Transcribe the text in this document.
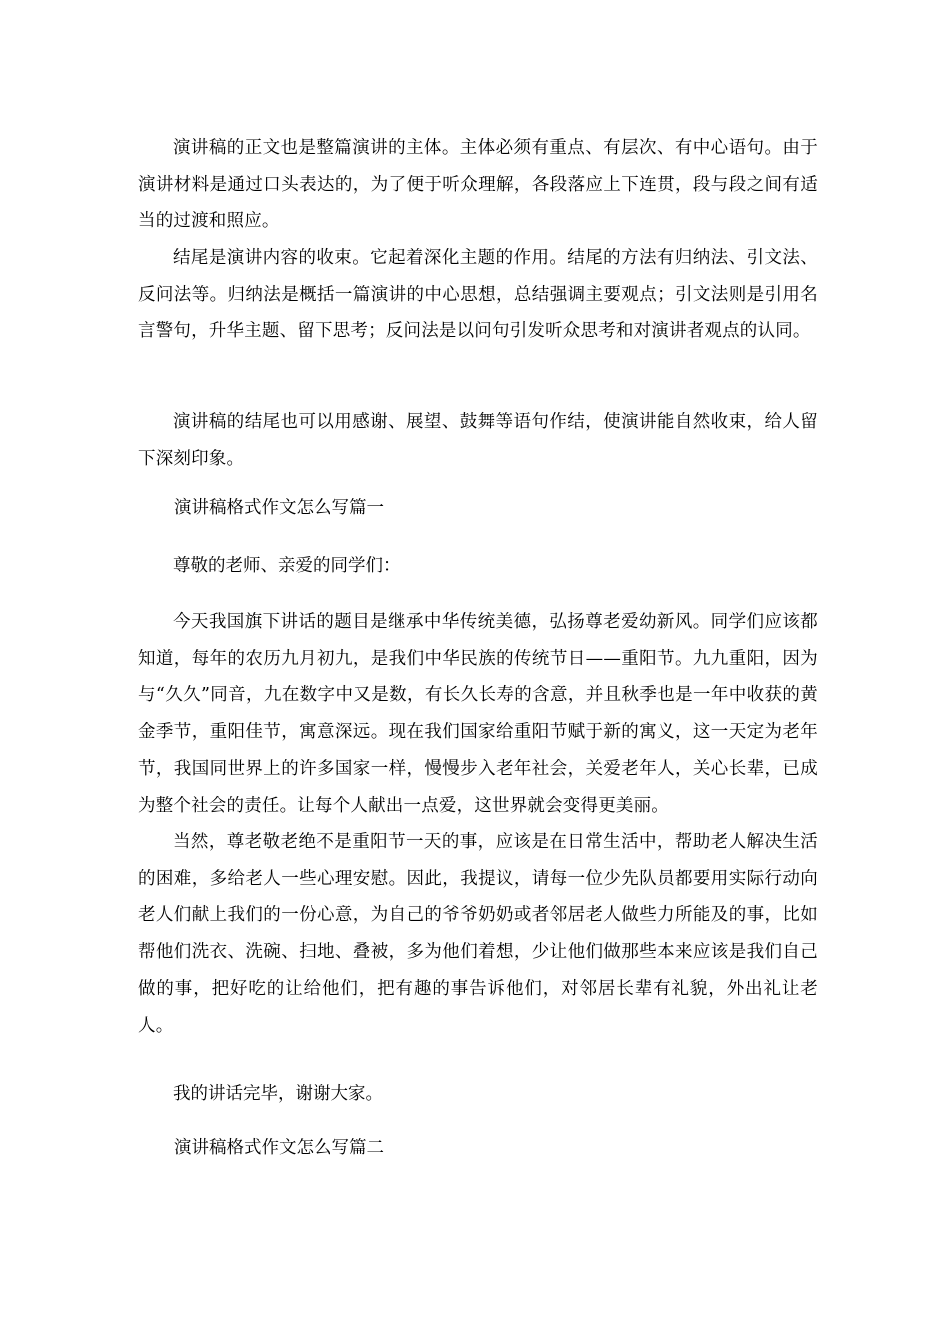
演讲稿的正文也是整篇演讲的主体。主体必须有重点、有层次、有中心语句。由于演讲材料是通过口头表达的，为了便于听众理解，各段落应上下连贯，段与段之间有适当的过渡和照应。

结尾是演讲内容的收束。它起着深化主题的作用。结尾的方法有归纳法、引文法、反问法等。归纳法是概括一篇演讲的中心思想，总结强调主要观点；引文法则是引用名言警句，升华主题、留下思考；反问法是以问句引发听众思考和对演讲者观点的认同。

演讲稿的结尾也可以用感谢、展望、鼓舞等语句作结，使演讲能自然收束，给人留下深刻印象。

演讲稿格式作文怎么写篇一

尊敬的老师、亲爱的同学们：

今天我国旗下讲话的题目是继承中华传统美德，弘扬尊老爱幼新风。同学们应该都知道，每年的农历九月初九，是我们中华民族的传统节日——重阳节。九九重阳，因为与“久久”同音，九在数字中又是数，有长久长寿的含意，并且秋季也是一年中收获的黄金季节，重阳佳节，寓意深远。现在我们国家给重阳节赋于新的寓义，这一天定为老年节，我国同世界上的许多国家一样，慢慢步入老年社会，关爱老年人，关心长辈，已成为整个社会的责任。让每个人献出一点爱，这世界就会变得更美丽。

当然，尊老敬老绝不是重阳节一天的事，应该是在日常生活中，帮助老人解决生活的困难，多给老人一些心理安慰。因此，我提议，请每一位少先队员都要用实际行动向老人们献上我们的一份心意，为自己的爷爷奶奶或者邻居老人做些力所能及的事，比如帮他们洗衣、洗碗、扫地、叠被，多为他们着想，少让他们做那些本来应该是我们自己做的事，把好吃的让给他们，把有趣的事告诉他们，对邻居长辈有礼貌，外出礼让老人。

我的讲话完毕，谢谢大家。

演讲稿格式作文怎么写篇二
